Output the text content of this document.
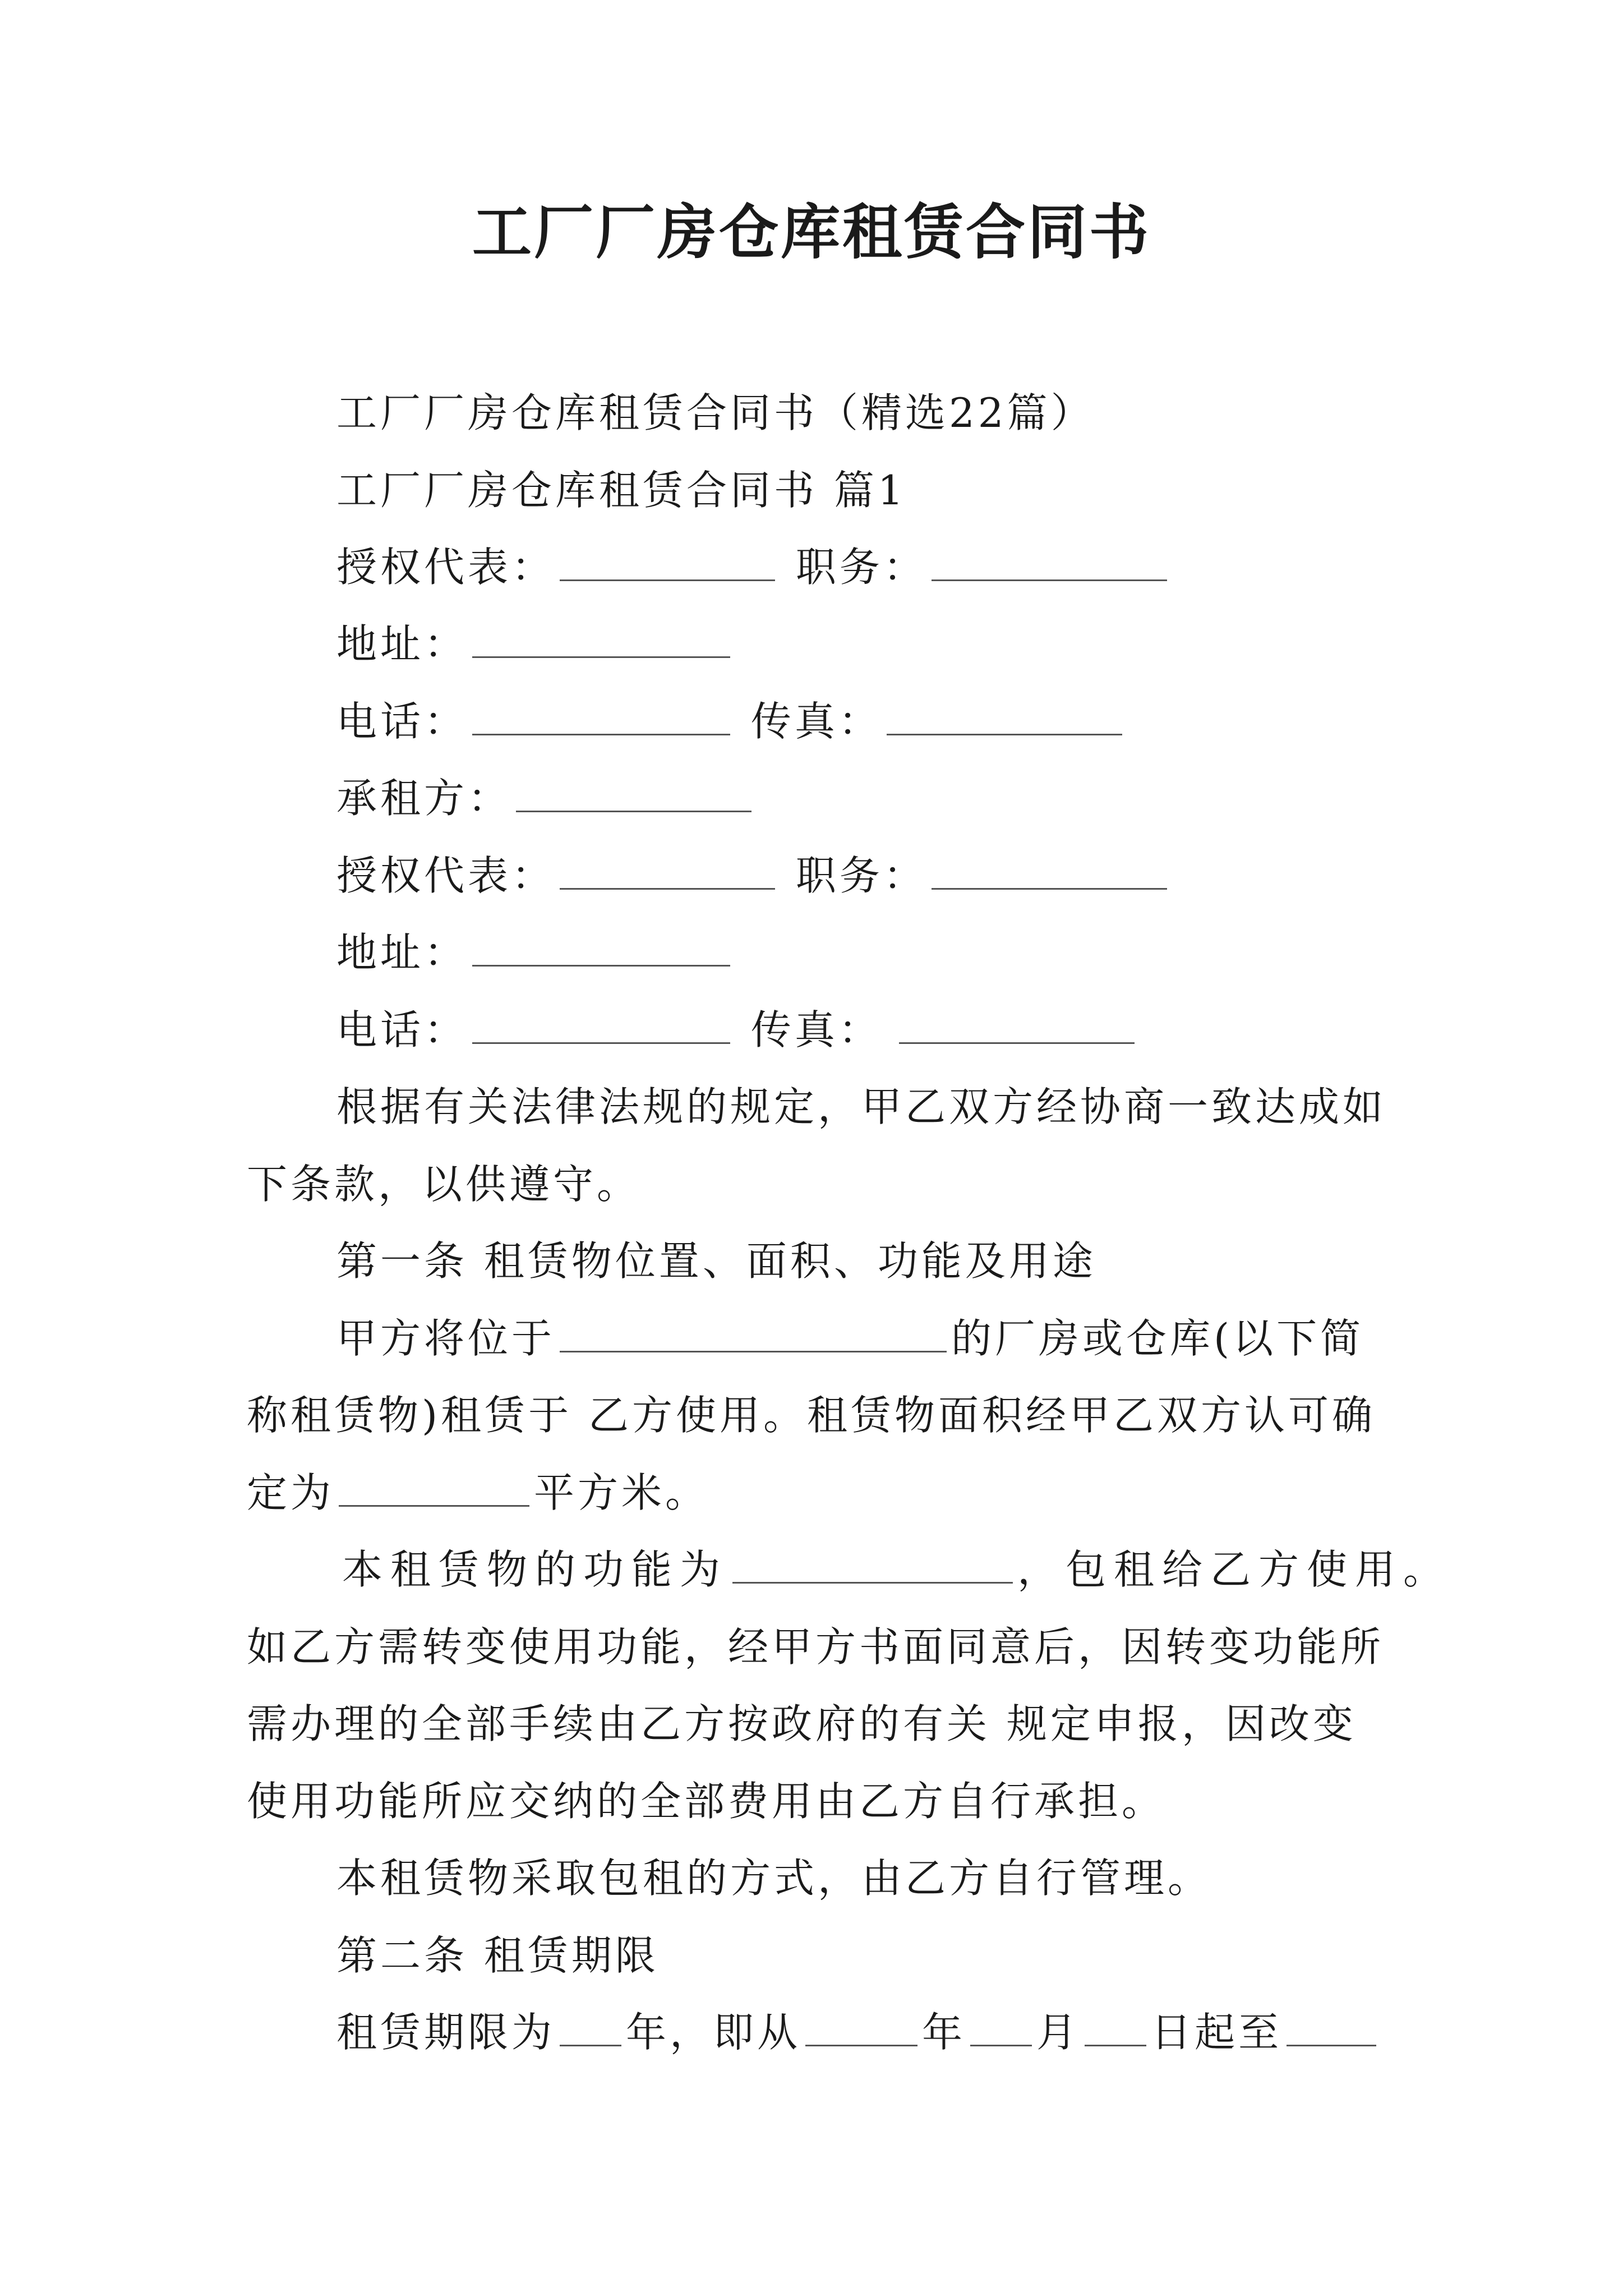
工厂厂房仓库租赁合同书
工厂厂房仓库租赁合同书（精选22篇）
工厂厂房仓库租赁合同书 篇1
授权代表：	职务：
地址：
电话：	传真：
承租方：
授权代表：	职务：
地址：
电话：	传真：
根据有关法律法规的规定，甲乙双方经协商一致达成如
下条款，以供遵守。
第一条 租赁物位置、面积、功能及用途
甲方将位于	的厂房或仓库(以下简
称租赁物)租赁于 乙方使用。租赁物面积经甲乙双方认可确
定为	平方米。
本租赁物的功能为	，包租给乙方使用。
如乙方需转变使用功能，经甲方书面同意后，因转变功能所
需办理的全部手续由乙方按政府的有关 规定申报，因改变
使用功能所应交纳的全部费用由乙方自行承担。
本租赁物采取包租的方式，由乙方自行管理。
第二条 租赁期限
租赁期限为 年，即从	年 月 日起至
